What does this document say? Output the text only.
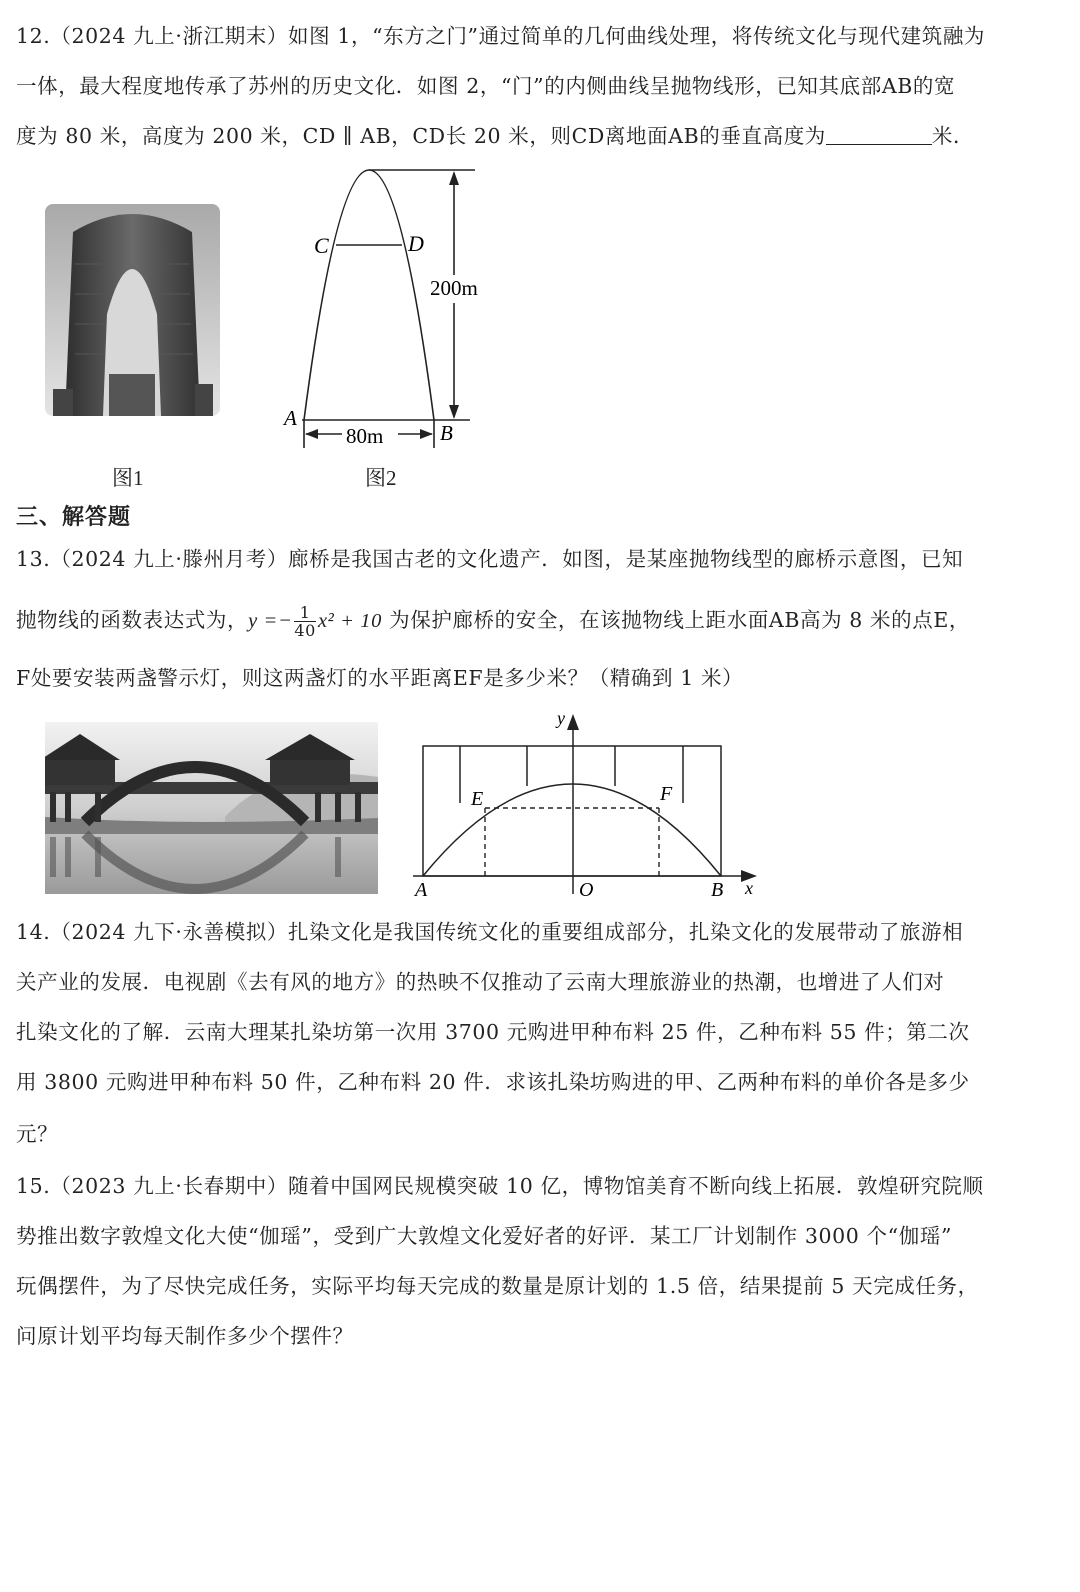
12.（2024 九上·浙江期末）如图 1，“东方之门”通过简单的几何曲线处理，将传统文化与现代建筑融为
一体，最大程度地传承了苏州的历史文化．如图 2，“门”的内侧曲线呈抛物线形，已知其底部AB的宽
度为 80 米，高度为 200 米，CD ∥ AB，CD长 20 米，则CD离地面AB的垂直高度为	米．
图1
C	D
A
B
200m
80m
图2
三、解答题
13.（2024 九上·滕州月考）廊桥是我国古老的文化遗产．如图，是某座抛物线型的廊桥示意图，已知
抛物线的函数表达式为，$y =- \frac{1}{40} x^2 + 10$ 为保护廊桥的安全，在该抛物线上距水面AB高为 8 米的点E，
F处要安装两盏警示灯，则这两盏灯的水平距离EF是多少米？（精确到 1 米）
y
x
O
A	B
E	F
14.（2024 九下·永善模拟）扎染文化是我国传统文化的重要组成部分，扎染文化的发展带动了旅游相
关产业的发展．电视剧《去有风的地方》的热映不仅推动了云南大理旅游业的热潮，也增进了人们对
扎染文化的了解．云南大理某扎染坊第一次用 3700 元购进甲种布料 25 件，乙种布料 55 件；第二次
用 3800 元购进甲种布料 50 件，乙种布料 20 件．求该扎染坊购进的甲、乙两种布料的单价各是多少
元？
15.（2023 九上·长春期中）随着中国网民规模突破 10 亿，博物馆美育不断向线上拓展．敦煌研究院顺
势推出数字敦煌文化大使“伽瑶”，受到广大敦煌文化爱好者的好评．某工厂计划制作 3000 个“伽瑶”
玩偶摆件，为了尽快完成任务，实际平均每天完成的数量是原计划的 1.5 倍，结果提前 5 天完成任务，
问原计划平均每天制作多少个摆件？
